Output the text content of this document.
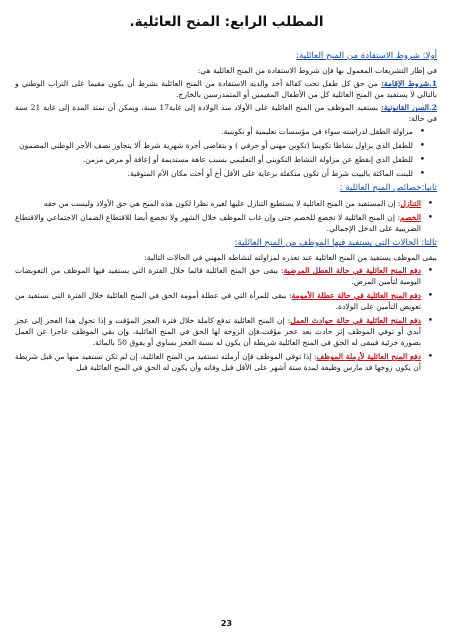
المطلب الرابع: المنح العائلية.
أولا: شروط الاستفادة من المنح العائلية:

في إطار التشريعات المعمول بها فإن شروط الاستفادة من المنح العائلية هي:

1.شروط الإقامة: من حق كل طفل تحت كفالة أحد والديه الاستفادة من المنح العائلية بشرط أن يكون مقيما على التراب الوطني و بالتالي لا يستفيد من المنح العائلية كل من الأطفال المقيمين أو المتمدرسين بالخارج.

2.السن القانونية: يستفيد الموظف من المنح العائلية على الأولاد منذ الولادة إلى غاية17 سنة، ويمكن أن تمتد المدة إلى غاية 21 سنة في حالة:

• مزاولة الطفل لدراسته سواء في مؤسسات تعليمية أو تكوينية.
• للطفل الذي يزاول نشاطا تكوينيا (تكوين مهني أو حرفي ) و يتقاضى أجرة شهرية شرط ألا يتجاوز نصف الأجر الوطني المضمون
• للطفل الذي إنقطع عن مزاولة النشاط التكويني أو التعليمي بسبب عاهة مستديمة أو إعاقة أو مرض مزمن.
• للبنت الماكثة بالبيت شرط أن تكون متكفلة برعاية على الأقل أخ أو أخت مكان الأم المتوفية.
ثانيا:خصائص المنح العائلية :
• التنازل: إن المستفيد من المنح العائلية لا يستطيع التنازل عليها لغيره نظرا لكون هذه المنح هي حق الأولاد وليست من حقه
• الخصم: إن المنح العائلية لا تخضع للخصم حتى وإن غاب الموظف خلال الشهر ولا تخضع أيضا للاقتطاع الضمان الاجتماعي والاقتطاع الضريبية على الدخل الإجمالي.
ثالثا: الحالات التي يستفيد فيها الموظف من المنح العائلية:

يبقى الموظف يستفيد من المنح العائلية عند تعذره لمزاولته لنشاطه المهني في الحالات التالية:

• دفع المنح العائلية في حالة العطل المرضية: يبقى حق المنح العائلية قائما خلال الفترة التي يستفيد فيها الموظف من التعويضات اليومية لتأمين المرض.
• دفع المنح العائلية في حالة عطلة الأمومة: يبقى للمرأة التي في عطلة أمومة الحق في المنح العائلية خلال الفترة التي تستفيد من تعويض التأمين على الولادة.
• دفع المنح العائلية في حالة حوادث العمل: إن المنح العائلية تدفع كاملة خلال فترة العجز المؤقت و إذا تحول هذا العجز إلى عجز أبدي أو توفي الموظف إثر حادث بعد عجز مؤقت،فإن الزوجة لها الحق في المنح العائلية، وإن بقي الموظف عاجزا عن العمل بصورة جزئية فيبقى له الحق في المنح العائلية شريطة أن يكون له نسبة العجز يساوي أو يفوق 50 بالمائة.
• دفع المنح العائلية لأرملة الموظف: إذا توفي الموظف فإن أرملته تستفيد من المنح العائلية، إن لم تكن تستفيد منها من قبل شريطة أن يكون زوجها قد مارس وظيفة لمدة ستة أشهر على الأقل قبل وفاته وأن يكون له الحق في المنح العائلية قبل
23
